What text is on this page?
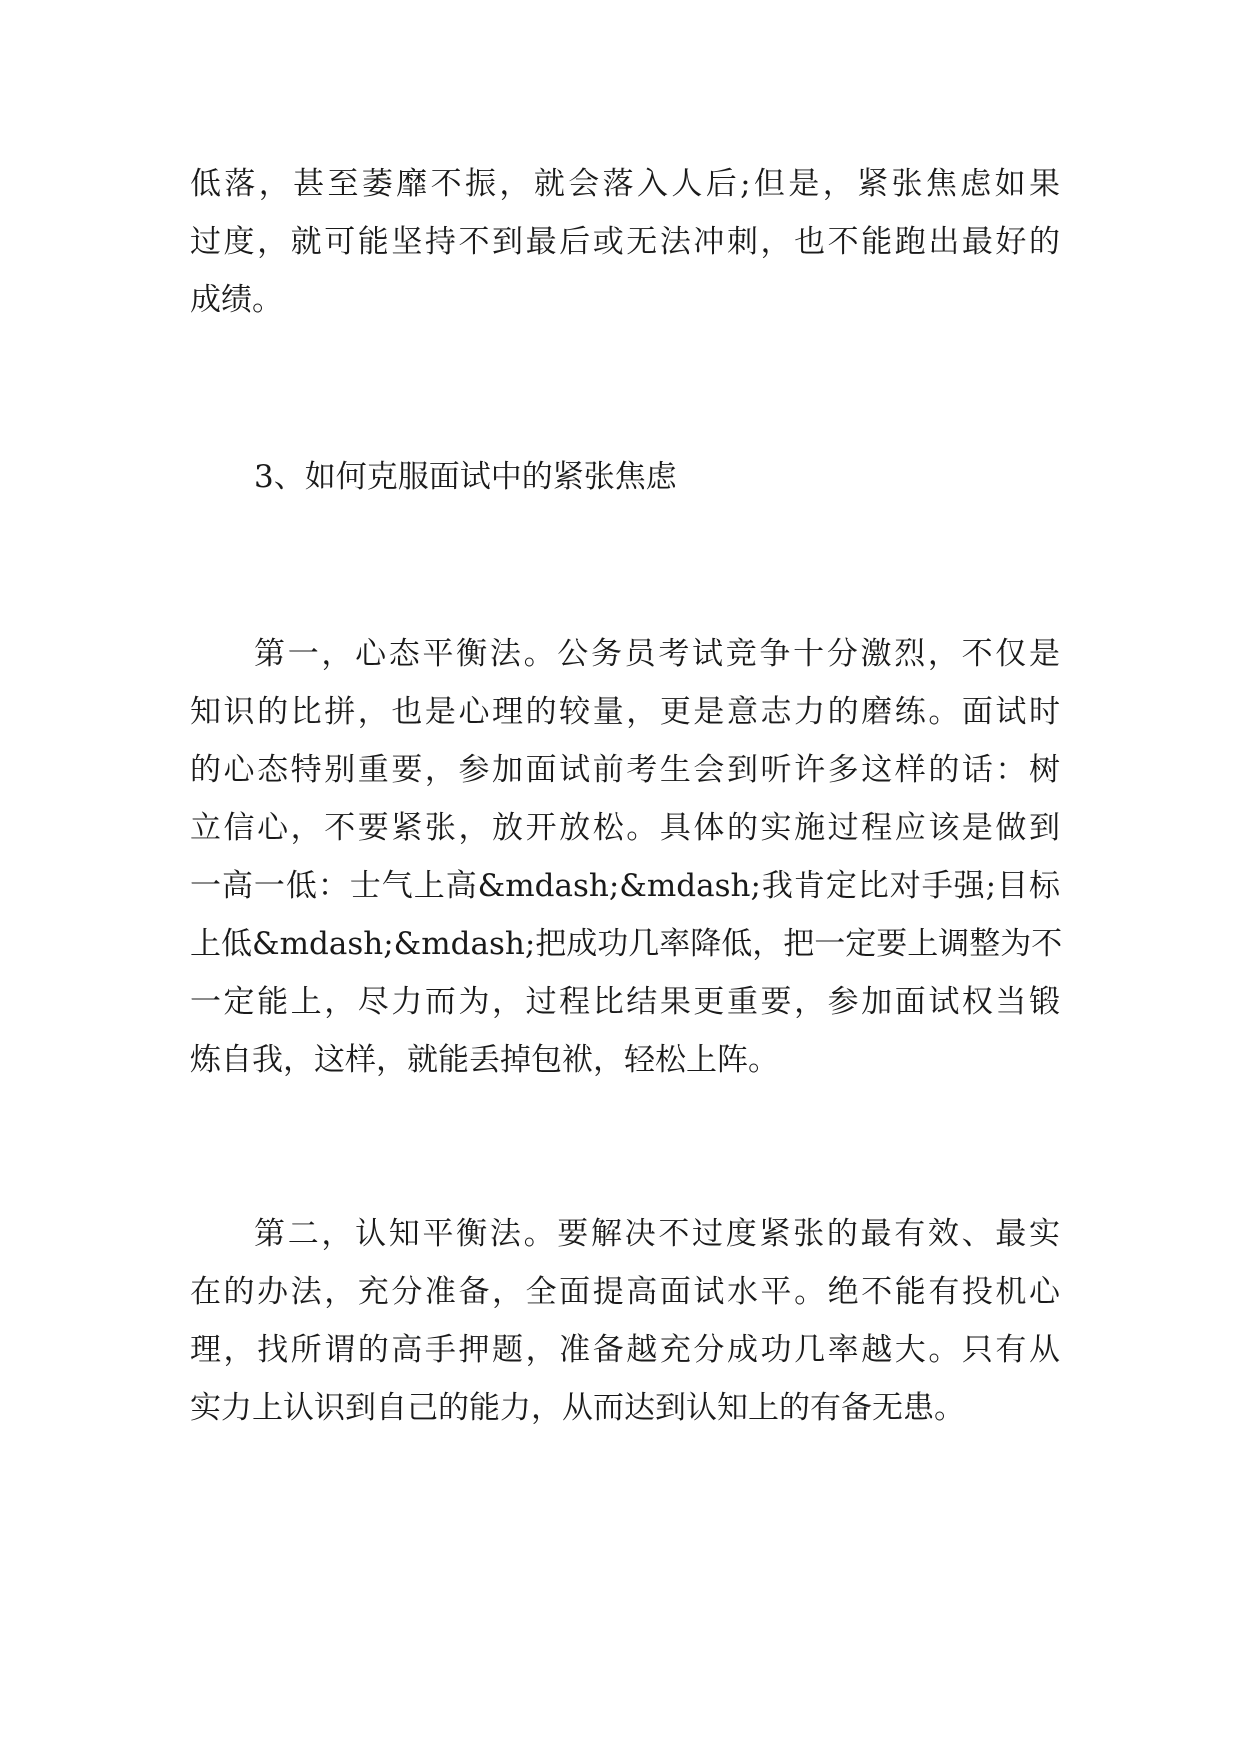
低落，甚至萎靡不振，就会落入人后;但是，紧张焦虑如果
过度，就可能坚持不到最后或无法冲刺，也不能跑出最好的
成绩。
3、如何克服面试中的紧张焦虑
第一，心态平衡法。公务员考试竞争十分激烈，不仅是
知识的比拼，也是心理的较量，更是意志力的磨练。面试时
的心态特别重要，参加面试前考生会到听许多这样的话：树
立信心，不要紧张，放开放松。具体的实施过程应该是做到
一高一低：士气上高&mdash;&mdash;我肯定比对手强;目标
上低&mdash;&mdash;把成功几率降低，把一定要上调整为不
一定能上，尽力而为，过程比结果更重要，参加面试权当锻
炼自我，这样，就能丢掉包袱，轻松上阵。
第二，认知平衡法。要解决不过度紧张的最有效、最实
在的办法，充分准备，全面提高面试水平。绝不能有投机心
理，找所谓的高手押题，准备越充分成功几率越大。只有从
实力上认识到自己的能力，从而达到认知上的有备无患。
